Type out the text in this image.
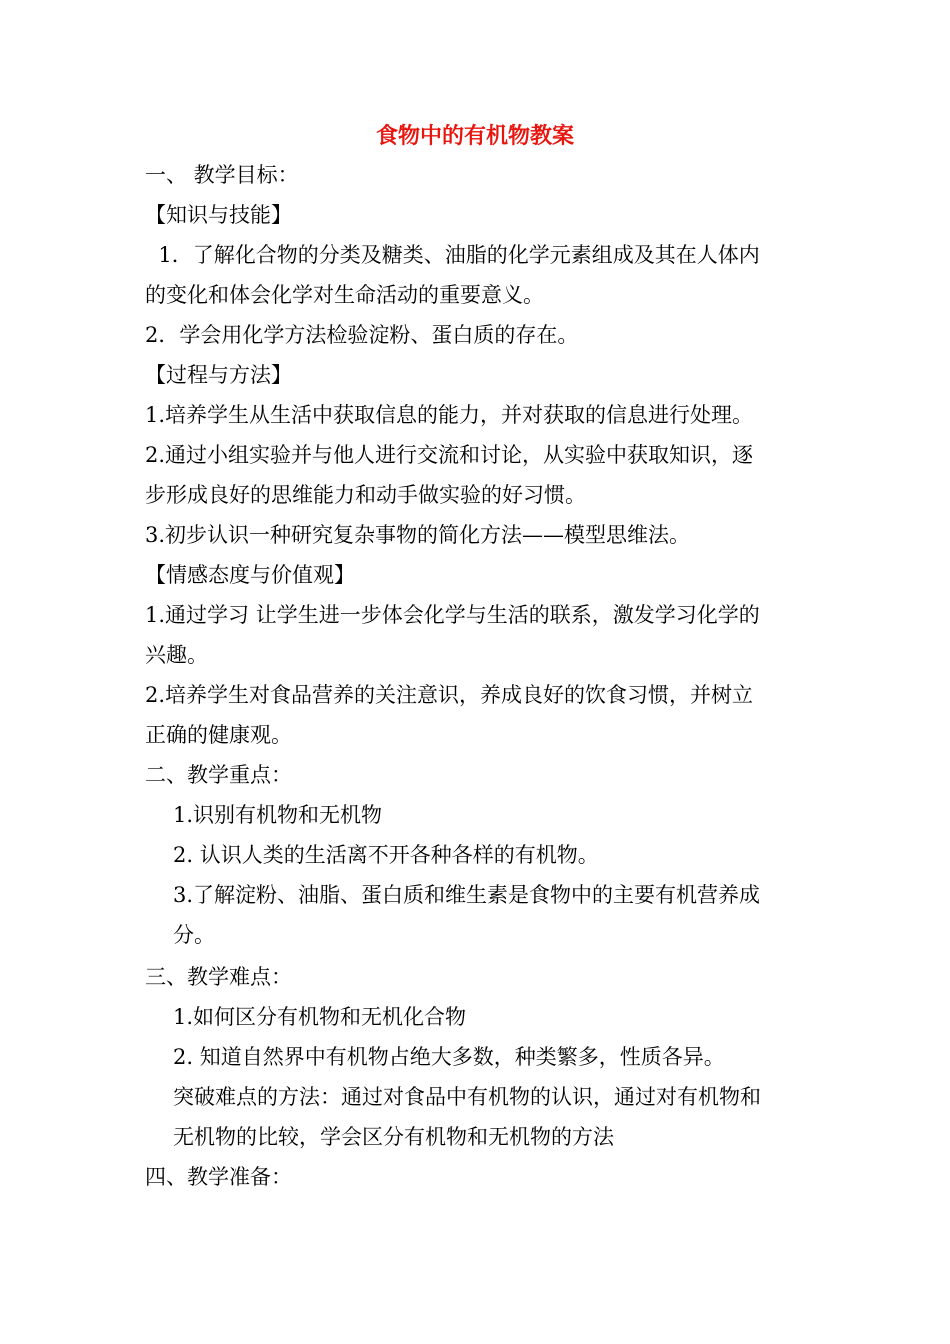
食物中的有机物教案
一、 教学目标：
【知识与技能】
1．了解化合物的分类及糖类、油脂的化学元素组成及其在人体内
的变化和体会化学对生命活动的重要意义。
2．学会用化学方法检验淀粉、蛋白质的存在。
【过程与方法】
1.培养学生从生活中获取信息的能力，并对获取的信息进行处理。
2.通过小组实验并与他人进行交流和讨论，从实验中获取知识，逐
步形成良好的思维能力和动手做实验的好习惯。
3.初步认识一种研究复杂事物的简化方法——模型思维法。
【情感态度与价值观】
1.通过学习 让学生进一步体会化学与生活的联系，激发学习化学的
兴趣。
2.培养学生对食品营养的关注意识，养成良好的饮食习惯，并树立
正确的健康观。
二、教学重点：
1.识别有机物和无机物
2. 认识人类的生活离不开各种各样的有机物。
3.了解淀粉、油脂、蛋白质和维生素是食物中的主要有机营养成
分。
三、教学难点：
1.如何区分有机物和无机化合物
2. 知道自然界中有机物占绝大多数，种类繁多，性质各异。
突破难点的方法：通过对食品中有机物的认识，通过对有机物和
无机物的比较，学会区分有机物和无机物的方法
四、教学准备：
